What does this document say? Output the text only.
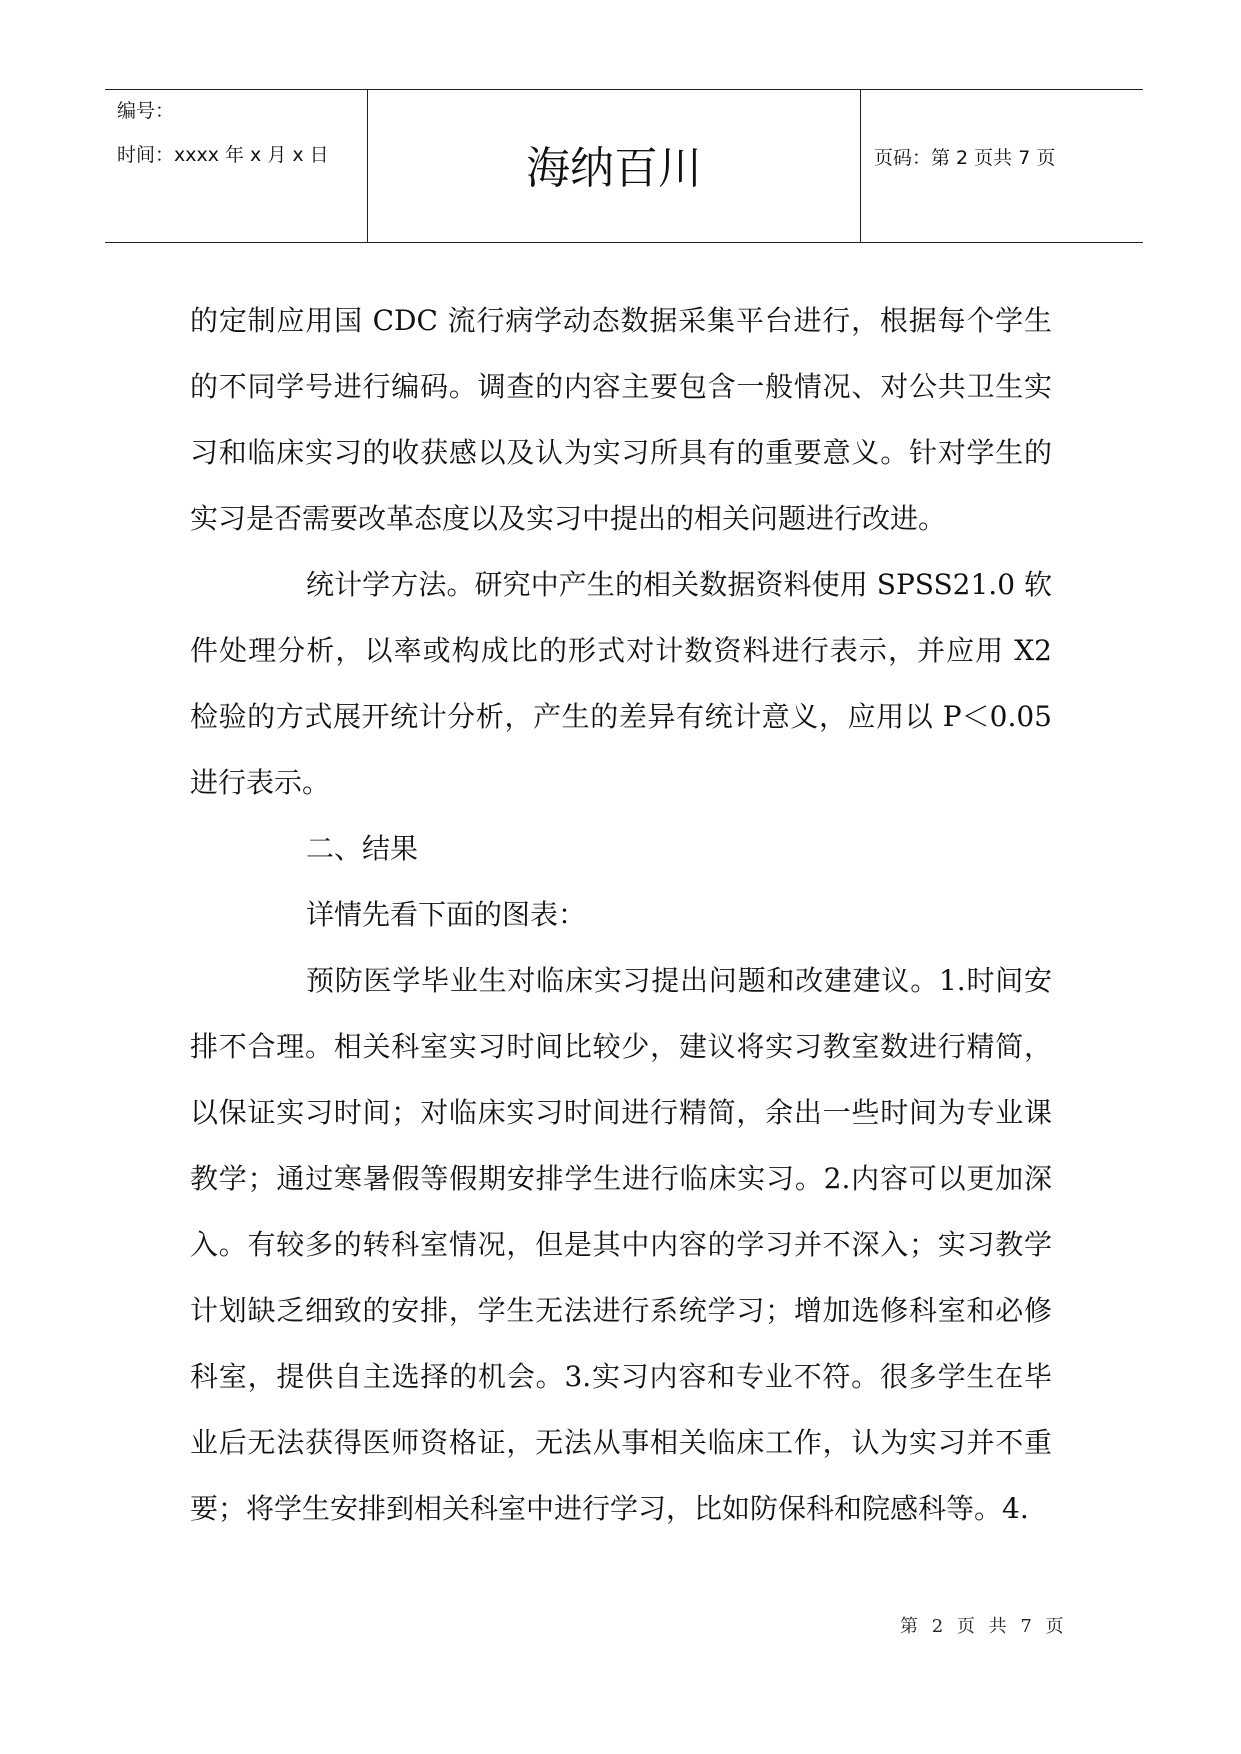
编号：
时间：xxxx 年 x 月 x 日	海纳百川	页码：第 2 页共 7 页

的定制应用国 CDC 流行病学动态数据采集平台进行，根据每个学生的不同学号进行编码。调查的内容主要包含一般情况、对公共卫生实习和临床实习的收获感以及认为实习所具有的重要意义。针对学生的实习是否需要改革态度以及实习中提出的相关问题进行改进。

统计学方法。研究中产生的相关数据资料使用 SPSS21.0 软件处理分析，以率或构成比的形式对计数资料进行表示，并应用 X2 检验的方式展开统计分析，产生的差异有统计意义，应用以 P＜0.05 进行表示。

二、结果

详情先看下面的图表：

预防医学毕业生对临床实习提出问题和改建建议。1.时间安排不合理。相关科室实习时间比较少，建议将实习教室数进行精简，以保证实习时间；对临床实习时间进行精简，余出一些时间为专业课教学；通过寒暑假等假期安排学生进行临床实习。2.内容可以更加深入。有较多的转科室情况，但是其中内容的学习并不深入；实习教学计划缺乏细致的安排，学生无法进行系统学习；增加选修科室和必修科室，提供自主选择的机会。3.实习内容和专业不符。很多学生在毕业后无法获得医师资格证，无法从事相关临床工作，认为实习并不重要；将学生安排到相关科室中进行学习，比如防保科和院感科等。4.

第 2 页 共 7 页
